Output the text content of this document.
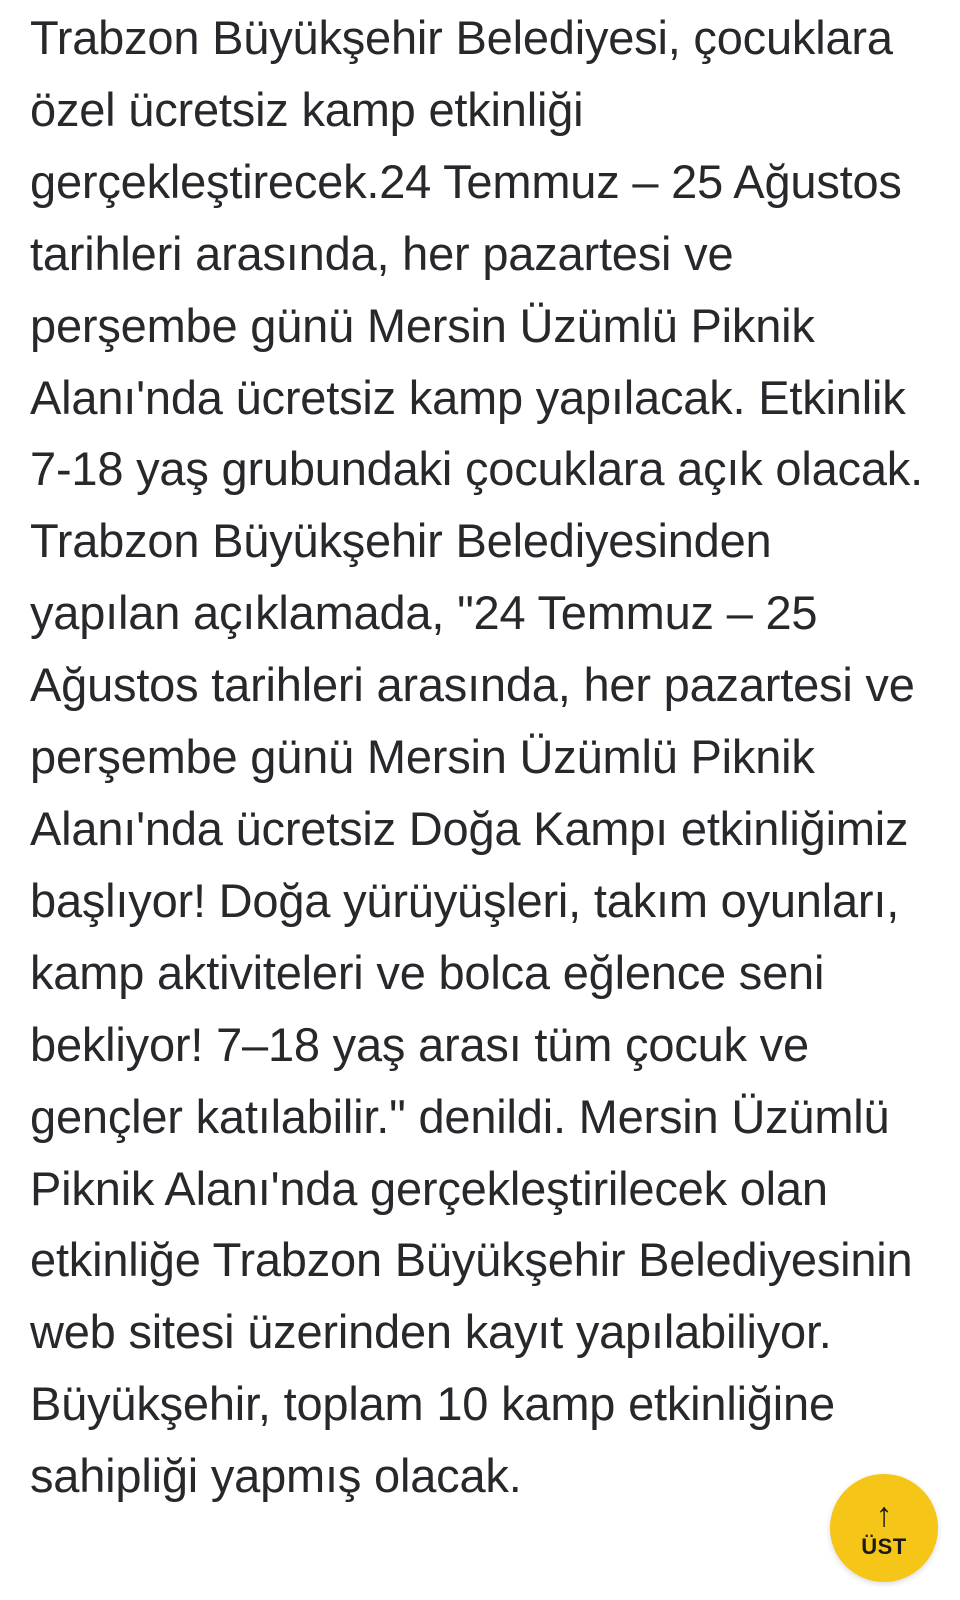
Trabzon Büyükşehir Belediyesi, çocuklara özel ücretsiz kamp etkinliği gerçekleştirecek.24 Temmuz – 25 Ağustos tarihleri arasında, her pazartesi ve perşembe günü Mersin Üzümlü Piknik Alanı'nda ücretsiz kamp yapılacak. Etkinlik 7-18 yaş grubundaki çocuklara açık olacak. Trabzon Büyükşehir Belediyesinden yapılan açıklamada, "24 Temmuz – 25 Ağustos tarihleri arasında, her pazartesi ve perşembe günü Mersin Üzümlü Piknik Alanı'nda ücretsiz Doğa Kampı etkinliğimiz başlıyor! Doğa yürüyüşleri, takım oyunları, kamp aktiviteleri ve bolca eğlence seni bekliyor! 7–18 yaş arası tüm çocuk ve gençler katılabilir." denildi. Mersin Üzümlü Piknik Alanı'nda gerçekleştirilecek olan etkinliğe Trabzon Büyükşehir Belediyesinin web sitesi üzerinden kayıt yapılabiliyor. Büyükşehir, toplam 10 kamp etkinliğine sahipliği yapmış olacak.

↑
ÜST
